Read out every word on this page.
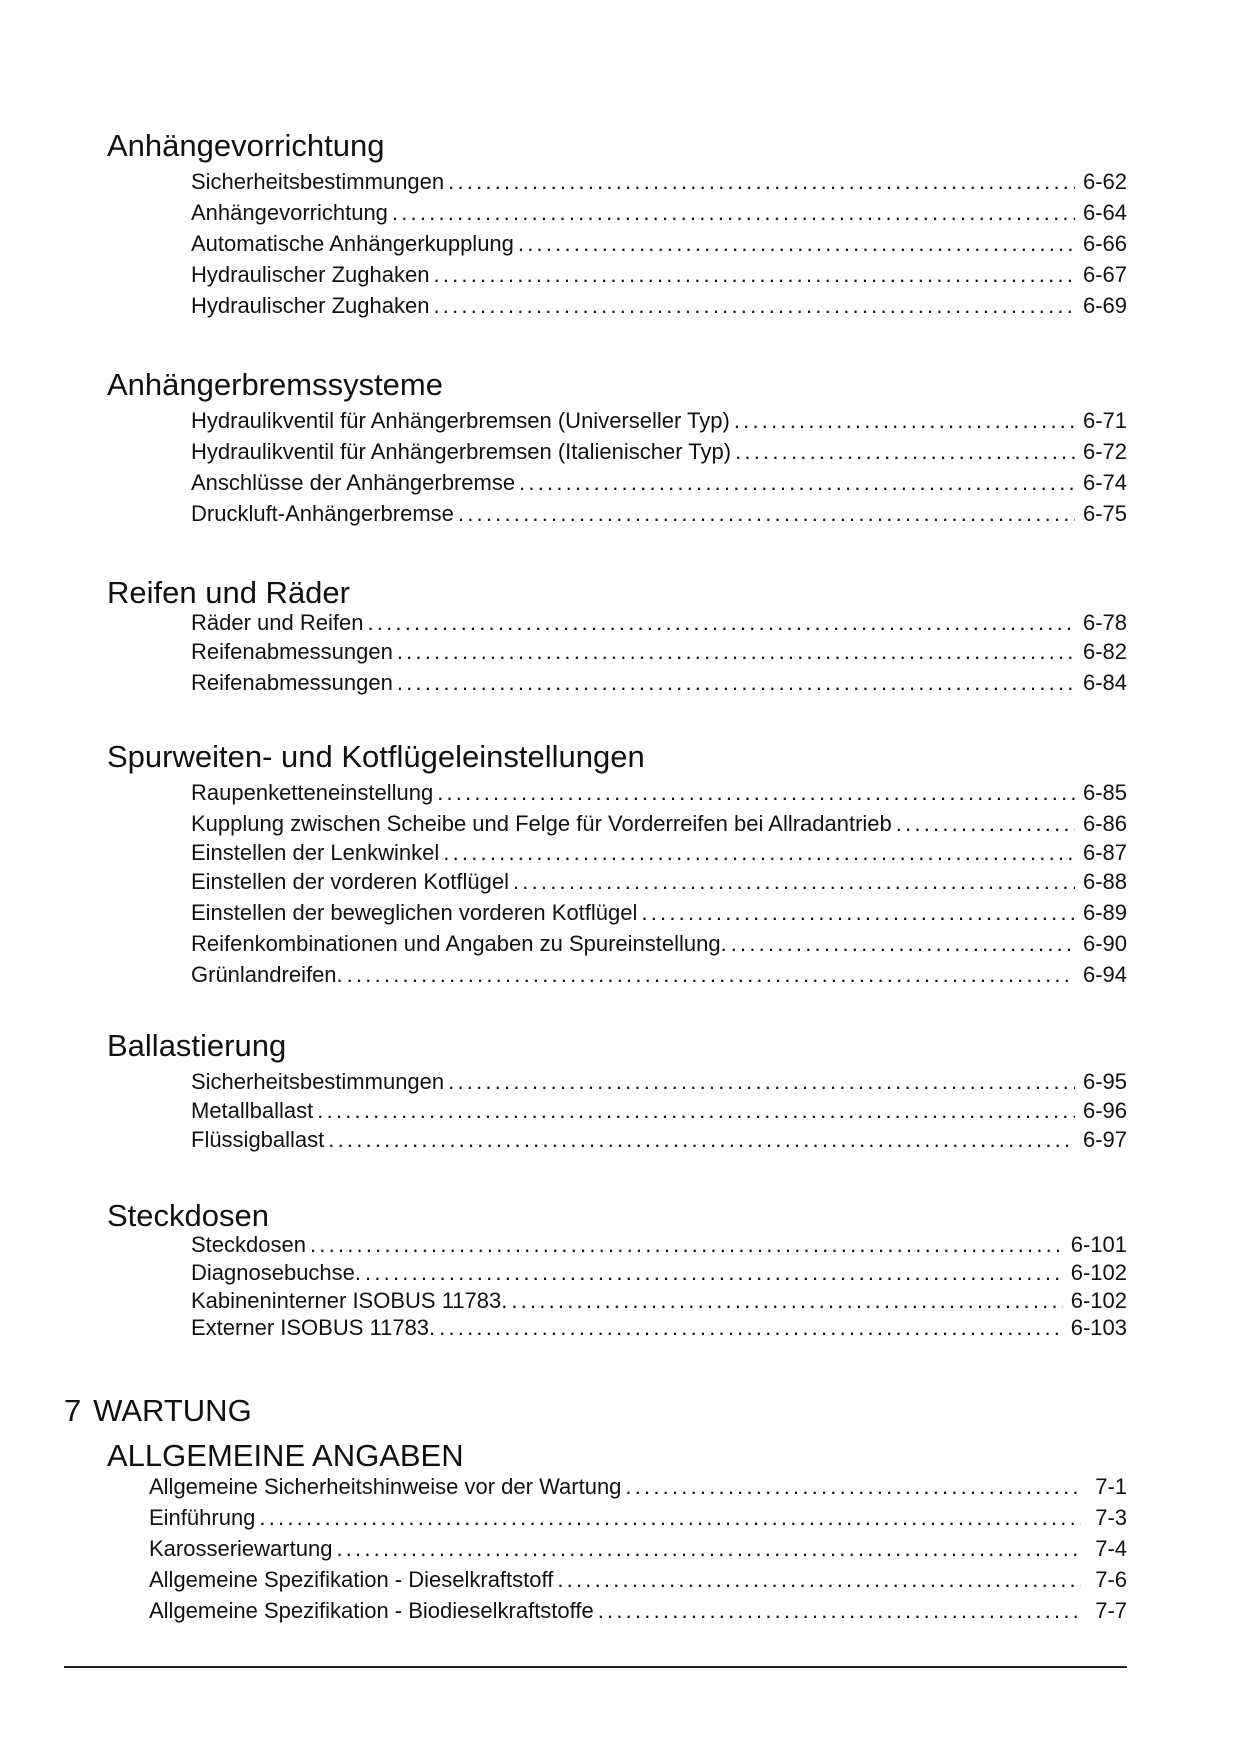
Anhängevorrichtung
Sicherheitsbestimmungen .....	6-62
Anhängevorrichtung .....	6-64
Automatische Anhängerkupplung .....	6-66
Hydraulischer Zughaken .....	6-67
Hydraulischer Zughaken .....	6-69
Anhängerbremssysteme
Hydraulikventil für Anhängerbremsen (Universeller Typ) .....	6-71
Hydraulikventil für Anhängerbremsen (Italienischer Typ) .....	6-72
Anschlüsse der Anhängerbremse .....	6-74
Druckluft-Anhängerbremse .....	6-75
Reifen und Räder
Räder und Reifen .....	6-78
Reifenabmessungen .....	6-82
Reifenabmessungen .....	6-84
Spurweiten- und Kotflügeleinstellungen
Raupenketteneinstellung .....	6-85
Kupplung zwischen Scheibe und Felge für Vorderreifen bei Allradantrieb .....	6-86
Einstellen der Lenkwinkel .....	6-87
Einstellen der vorderen Kotflügel .....	6-88
Einstellen der beweglichen vorderen Kotflügel .....	6-89
Reifenkombinationen und Angaben zu Spureinstellung. .....	6-90
Grünlandreifen. .....	6-94
Ballastierung
Sicherheitsbestimmungen .....	6-95
Metallballast .....	6-96
Flüssigballast .....	6-97
Steckdosen
Steckdosen .....	6-101
Diagnosebuchse. .....	6-102
Kabineninterner ISOBUS 11783. .....	6-102
Externer ISOBUS 11783. .....	6-103
7 WARTUNG
ALLGEMEINE ANGABEN
Allgemeine Sicherheitshinweise vor der Wartung .....	7-1
Einführung .....	7-3
Karosseriewartung .....	7-4
Allgemeine Spezifikation - Dieselkraftstoff .....	7-6
Allgemeine Spezifikation - Biodieselkraftstoffe .....	7-7
